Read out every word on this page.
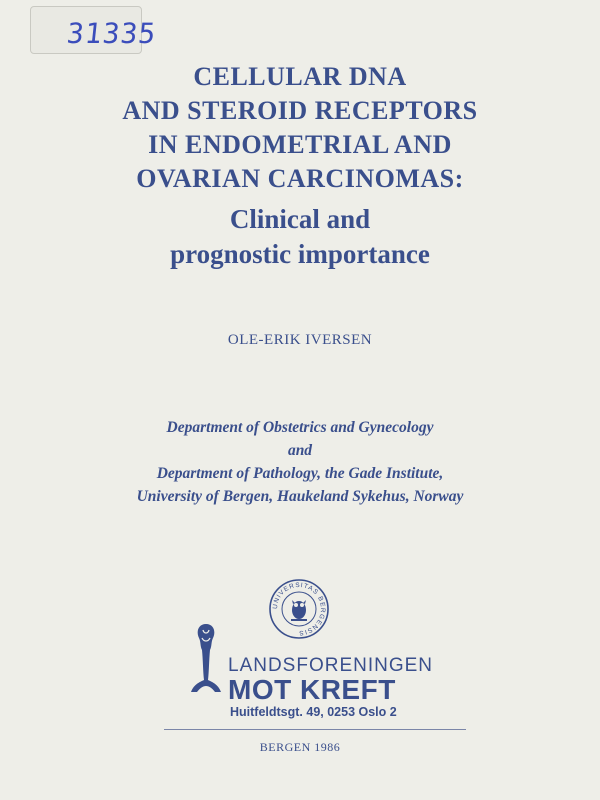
31335
CELLULAR DNA
AND STEROID RECEPTORS
IN ENDOMETRIAL AND
OVARIAN CARCINOMAS:
Clinical and
prognostic importance
OLE-ERIK IVERSEN
Department of Obstetrics and Gynecology
and
Department of Pathology, the Gade Institute,
University of Bergen, Haukeland Sykehus, Norway
UNIVERSITAS BERGENSIS
LANDSFORENINGEN
MOT KREFT
Huitfeldtsgt. 49, 0253 Oslo 2
BERGEN 1986
